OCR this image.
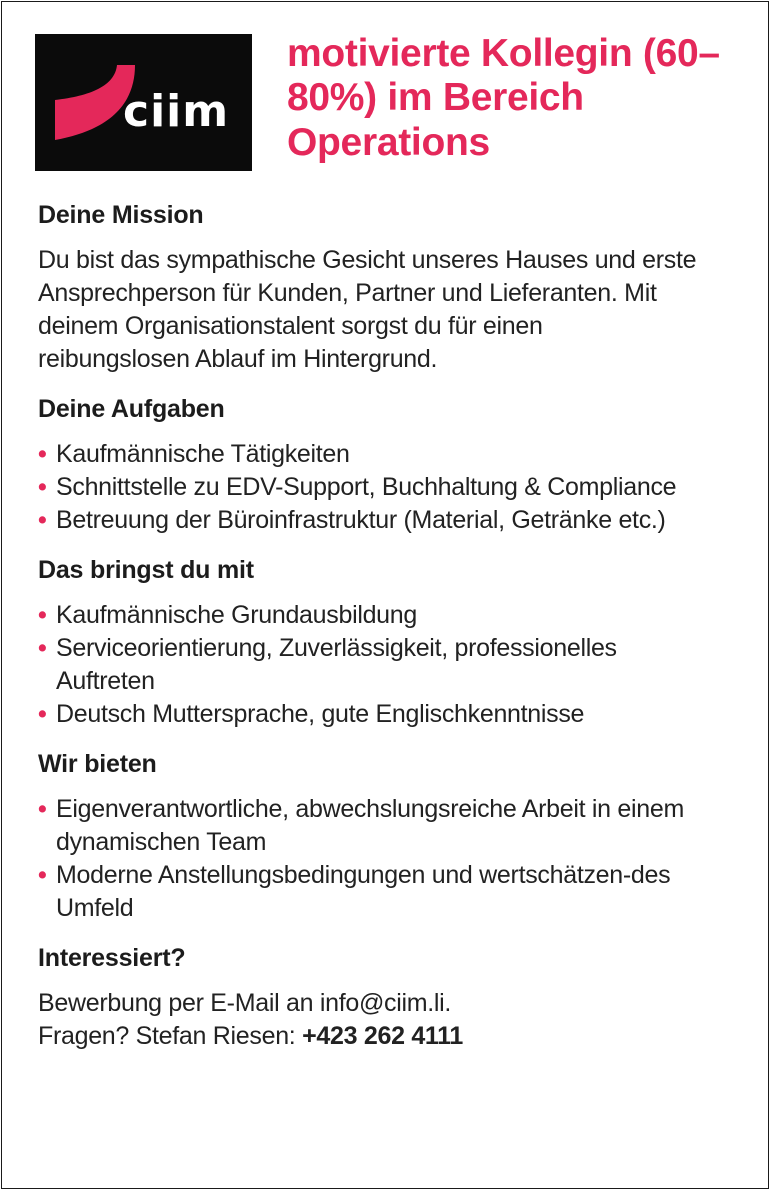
ciim
motivierte Kollegin (60–80%) im Bereich Operations
Deine Mission
Du bist das sympathische Gesicht unseres Hauses und erste Ansprechperson für Kunden, Partner und Lieferanten. Mit deinem Organisationstalent sorgst du für einen reibungslosen Ablauf im Hintergrund.
Deine Aufgaben
• Kaufmännische Tätigkeiten
• Schnittstelle zu EDV-Support, Buchhaltung & Compliance
• Betreuung der Büroinfrastruktur (Material, Getränke etc.)
Das bringst du mit
• Kaufmännische Grundausbildung
• Serviceorientierung, Zuverlässigkeit, professionelles Auftreten
• Deutsch Muttersprache, gute Englischkenntnisse
Wir bieten
• Eigenverantwortliche, abwechslungsreiche Arbeit in einem dynamischen Team
• Moderne Anstellungsbedingungen und wertschätzen-des Umfeld
Interessiert?
Bewerbung per E-Mail an info@ciim.li.
Fragen? Stefan Riesen: +423 262 4111
